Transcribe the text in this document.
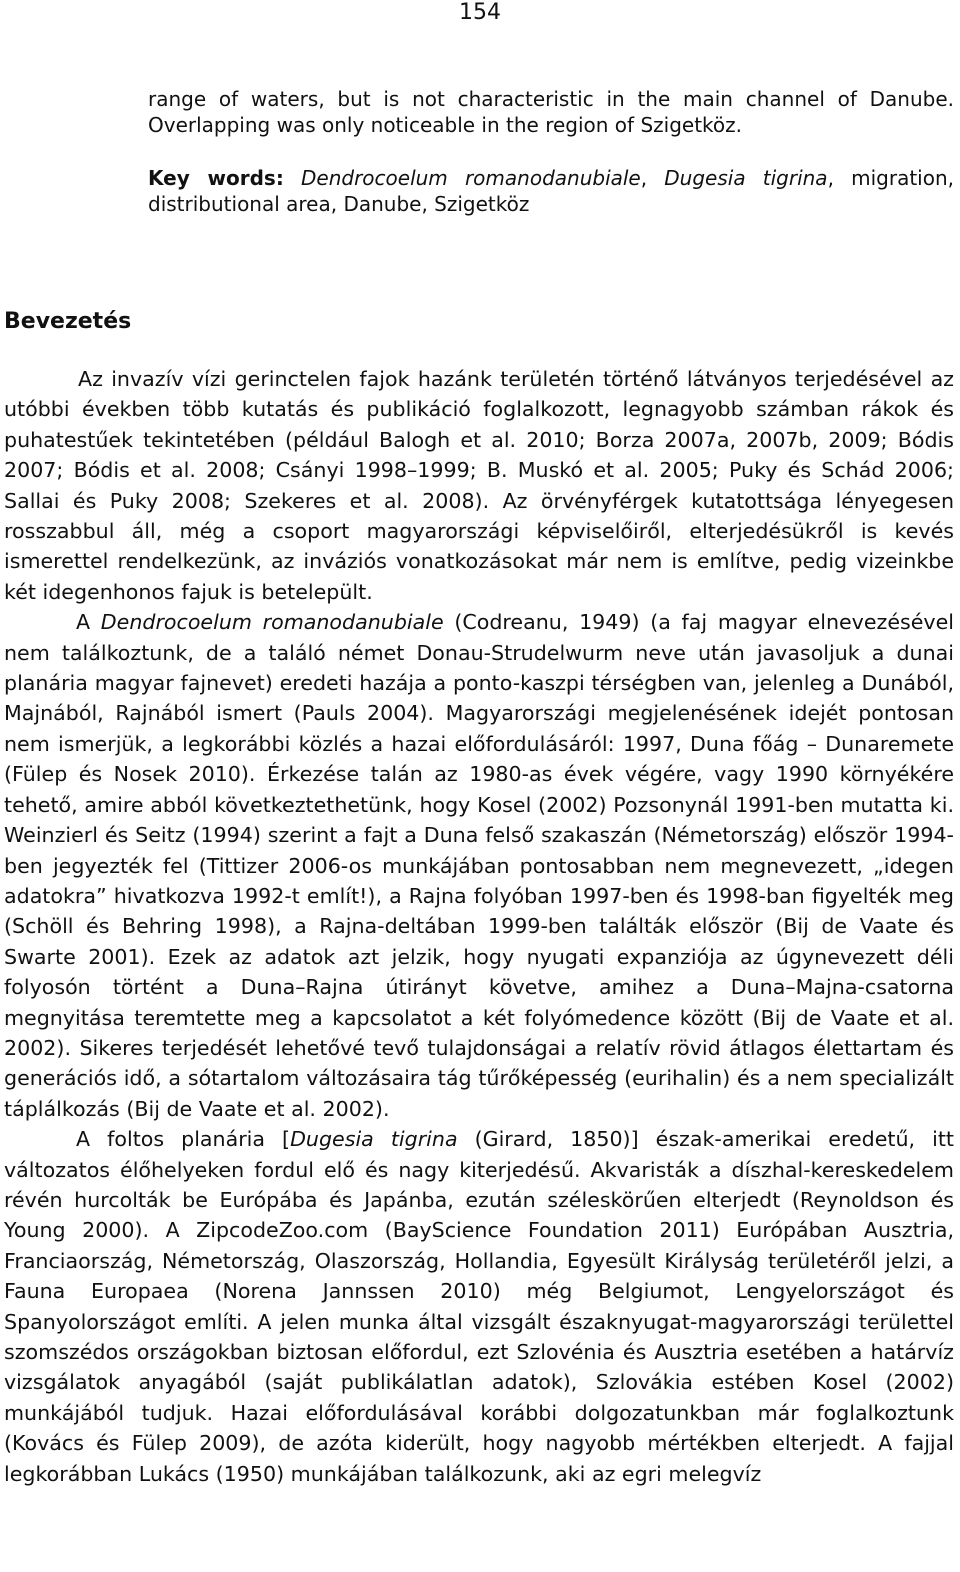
154

range of waters, but is not characteristic in the main channel of Danube. Overlapping was only noticeable in the region of Szigetköz.

Key words: Dendrocoelum romanodanubiale, Dugesia tigrina, migration, distributional area, Danube, Szigetköz

Bevezetés

Az invazív vízi gerinctelen fajok hazánk területén történő látványos terjedésével az utóbbi években több kutatás és publikáció foglalkozott, legnagyobb számban rákok és puhatestűek tekintetében (például Balogh et al. 2010; Borza 2007a, 2007b, 2009; Bódis 2007; Bódis et al. 2008; Csányi 1998–1999; B. Muskó et al. 2005; Puky és Schád 2006; Sallai és Puky 2008; Szekeres et al. 2008). Az örvényférgek kutatottsága lényegesen rosszabbul áll, még a csoport magyarországi képviselőiről, elterjedésükről is kevés ismerettel rendelkezünk, az inváziós vonatkozásokat már nem is említve, pedig vizeinkbe két idegenhonos fajuk is betelepült.

A Dendrocoelum romanodanubiale (Codreanu, 1949) (a faj magyar elnevezésével nem találkoztunk, de a találó német Donau-Strudelwurm neve után javasoljuk a dunai planária magyar fajnevet) eredeti hazája a ponto-kaszpi térségben van, jelenleg a Dunából, Majnából, Rajnából ismert (Pauls 2004). Magyarországi megjelenésének idejét pontosan nem ismerjük, a legkorábbi közlés a hazai előfordulásáról: 1997, Duna főág – Dunaremete (Fülep és Nosek 2010). Érkezése talán az 1980-as évek végére, vagy 1990 környékére tehető, amire abból következtethetünk, hogy Kosel (2002) Pozsonynál 1991-ben mutatta ki. Weinzierl és Seitz (1994) szerint a fajt a Duna felső szakaszán (Németország) először 1994-ben jegyezték fel (Tittizer 2006-os munkájában pontosabban nem megnevezett, „idegen adatokra” hivatkozva 1992-t említ!), a Rajna folyóban 1997-ben és 1998-ban figyelték meg (Schöll és Behring 1998), a Rajna-deltában 1999-ben találták először (Bij de Vaate és Swarte 2001). Ezek az adatok azt jelzik, hogy nyugati expanziója az úgynevezett déli folyosón történt a Duna–Rajna útirányt követve, amihez a Duna–Majna-csatorna megnyitása teremtette meg a kapcsolatot a két folyómedence között (Bij de Vaate et al. 2002). Sikeres terjedését lehetővé tevő tulajdonságai a relatív rövid átlagos élettartam és generációs idő, a sótartalom változásaira tág tűrőképesség (eurihalin) és a nem specializált táplálkozás (Bij de Vaate et al. 2002).

A foltos planária [Dugesia tigrina (Girard, 1850)] észak-amerikai eredetű, itt változatos élőhelyeken fordul elő és nagy kiterjedésű. Akvaristák a díszhal-kereskedelem révén hurcolták be Európába és Japánba, ezután széleskörűen elterjedt (Reynoldson és Young 2000). A ZipcodeZoo.com (BayScience Foundation 2011) Európában Ausztria, Franciaország, Németország, Olaszország, Hollandia, Egyesült Királyság területéről jelzi, a Fauna Europaea (Norena Jannssen 2010) még Belgiumot, Lengyelországot és Spanyolországot említi. A jelen munka által vizsgált északnyugat-magyarországi területtel szomszédos országokban biztosan előfordul, ezt Szlovénia és Ausztria esetében a határvíz vizsgálatok anyagából (saját publikálatlan adatok), Szlovákia estében Kosel (2002) munkájából tudjuk. Hazai előfordulásával korábbi dolgozatunkban már foglalkoztunk (Kovács és Fülep 2009), de azóta kiderült, hogy nagyobb mértékben elterjedt. A fajjal legkorábban Lukács (1950) munkájában találkozunk, aki az egri melegvíz
